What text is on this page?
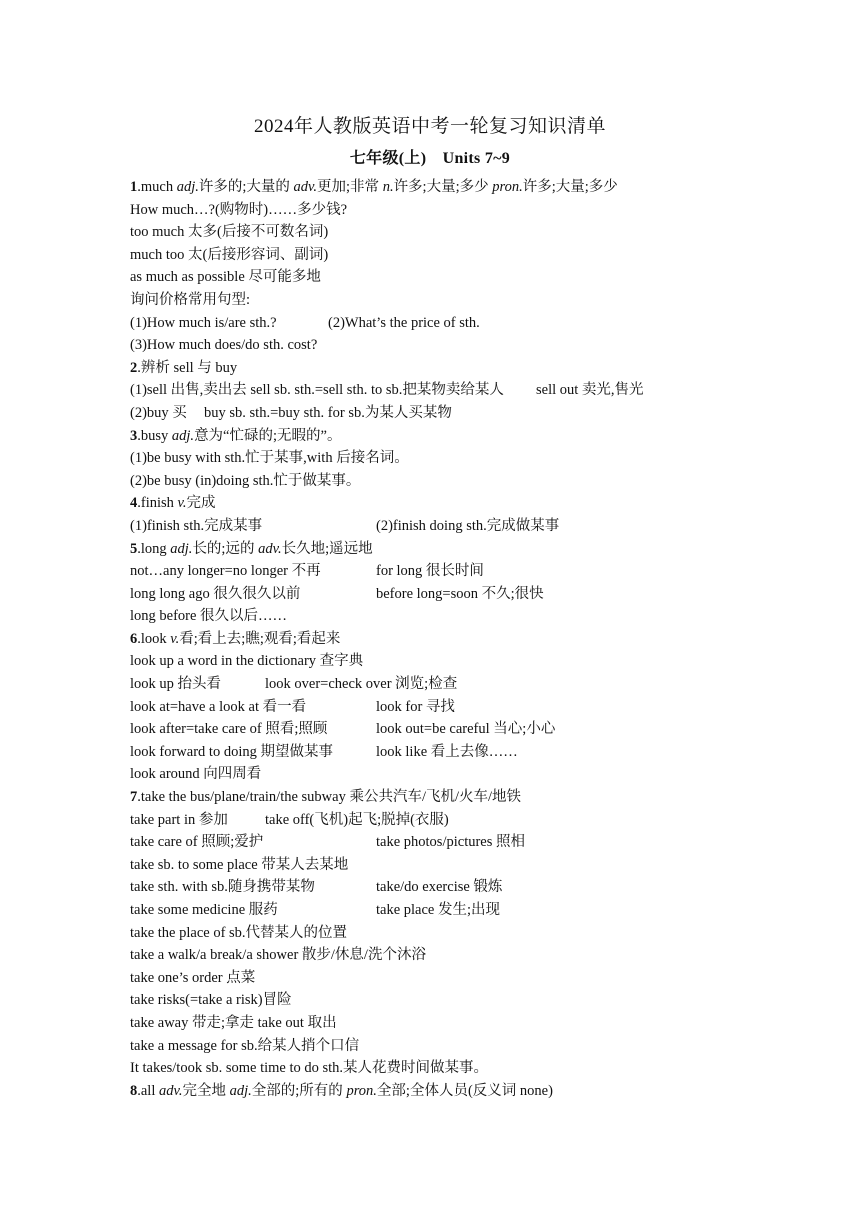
2024年人教版英语中考一轮复习知识清单
七年级(上)　Units 7~9
1.much adj.许多的;大量的 adv.更加;非常 n.许多;大量;多少 pron.许多;大量;多少
How much…?(购物时)……多少钱?
too much 太多(后接不可数名词)
much too 太(后接形容词、副词)
as much as possible 尽可能多地
询问价格常用句型:
(1)How much is/are sth.?	(2)What’s the price of sth.
(3)How much does/do sth. cost?
2.辨析 sell 与 buy
(1)sell 出售,卖出去 sell sb. sth.=sell sth. to sb.把某物卖给某人 sell out 卖光,售光
(2)buy 买 buy sb. sth.=buy sth. for sb.为某人买某物
3.busy adj.意为“忙碌的;无暇的”。
(1)be busy with sth.忙于某事,with 后接名词。
(2)be busy (in)doing sth.忙于做某事。
4.finish v.完成
(1)finish sth.完成某事	(2)finish doing sth.完成做某事
5.long adj.长的;远的 adv.长久地;遥远地
not…any longer=no longer 不再	for long 很长时间
long long ago 很久很久以前	before long=soon 不久;很快
long before 很久以后……
6.look v.看;看上去;瞧;观看;看起来
look up a word in the dictionary 查字典
look up 抬头看	look over=check over 浏览;检查
look at=have a look at 看一看	look for 寻找
look after=take care of 照看;照顾	look out=be careful 当心;小心
look forward to doing 期望做某事	look like 看上去像……
look around 向四周看
7.take the bus/plane/train/the subway 乘公共汽车/飞机/火车/地铁
take part in 参加	take off(飞机)起飞;脱掉(衣服)
take care of 照顾;爱护	take photos/pictures 照相
take sb. to some place 带某人去某地
take sth. with sb.随身携带某物	take/do exercise 锻炼
take some medicine 服药	take place 发生;出现
take the place of sb.代替某人的位置
take a walk/a break/a shower 散步/休息/洗个沐浴
take one’s order 点菜
take risks(=take a risk)冒险
take away 带走;拿走 take out 取出
take a message for sb.给某人捎个口信
It takes/took sb. some time to do sth.某人花费时间做某事。
8.all adv.完全地 adj.全部的;所有的 pron.全部;全体人员(反义词 none)
